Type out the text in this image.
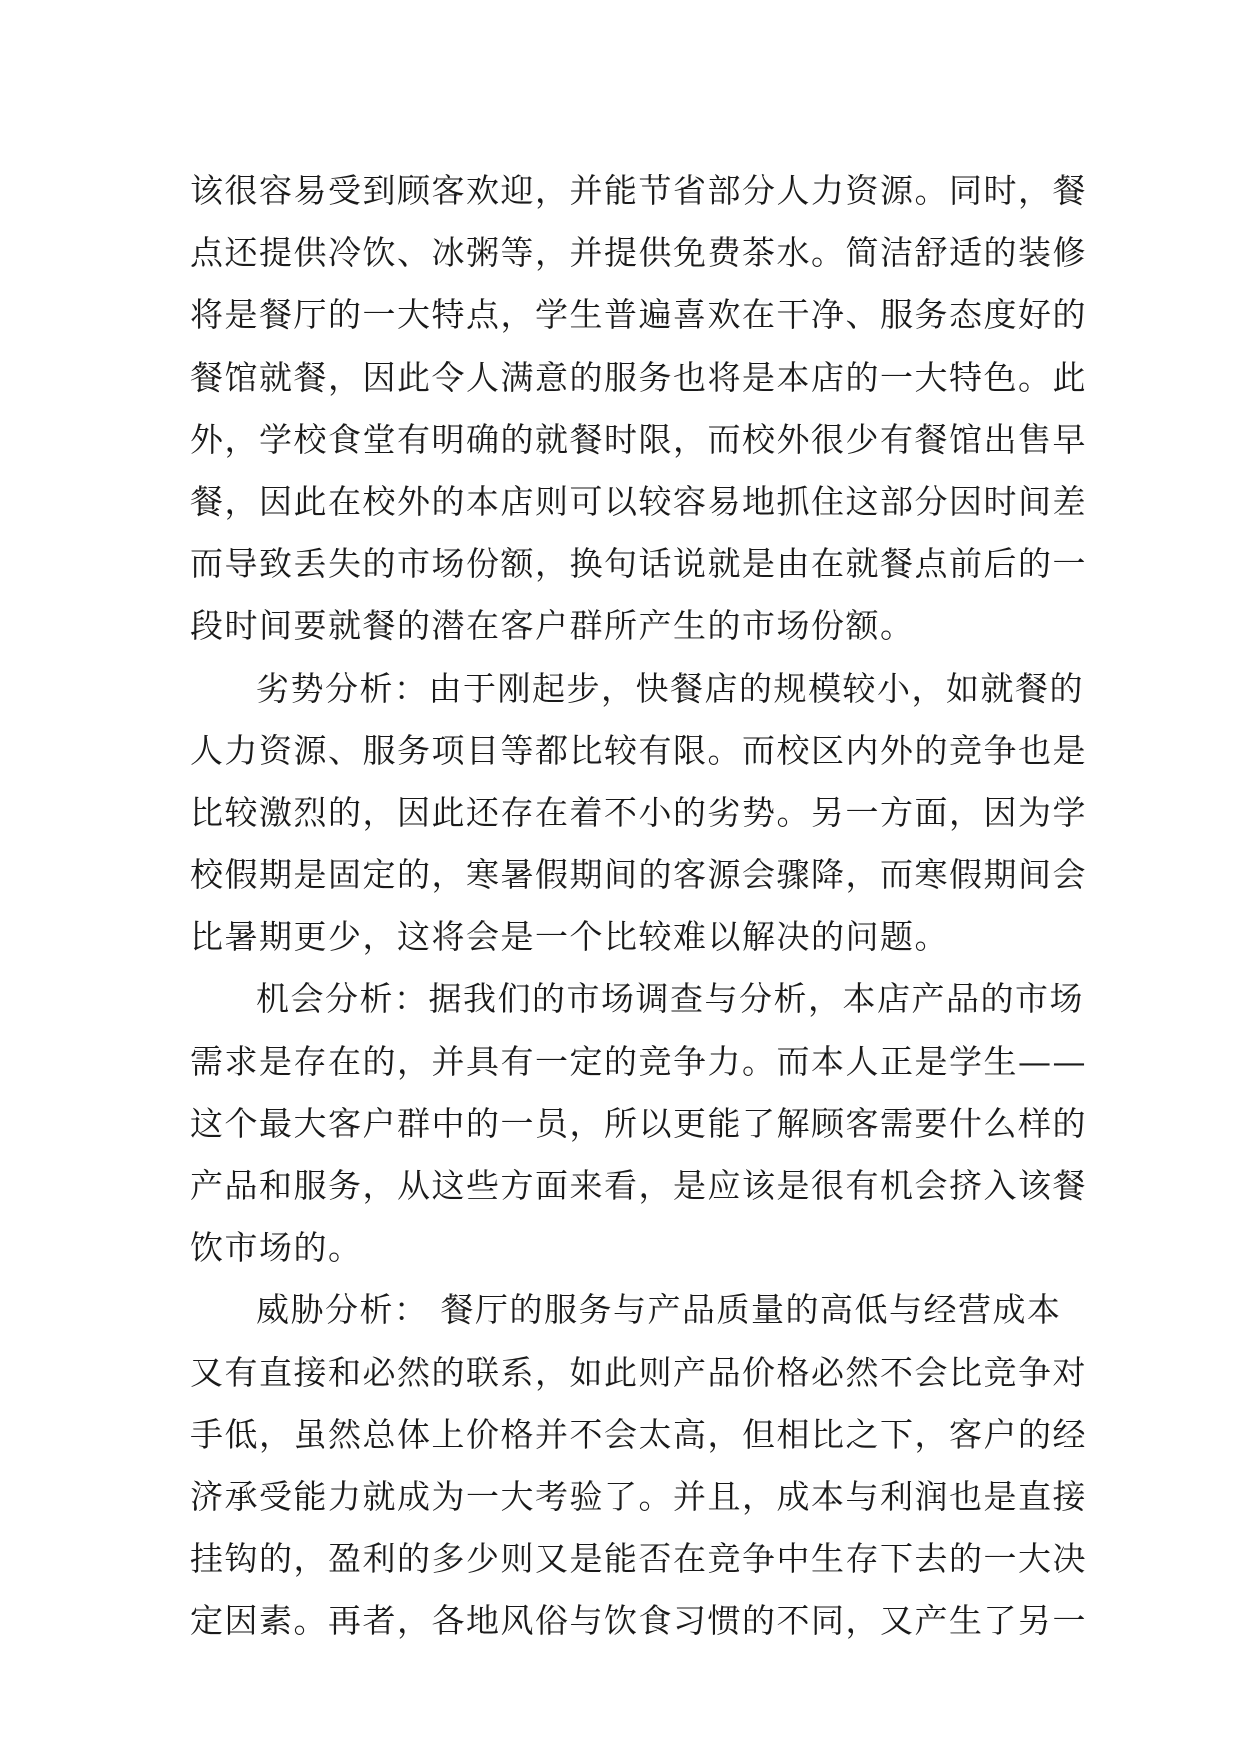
该很容易受到顾客欢迎，并能节省部分人力资源。同时，餐
点还提供冷饮、冰粥等，并提供免费茶水。简洁舒适的装修
将是餐厅的一大特点，学生普遍喜欢在干净、服务态度好的
餐馆就餐，因此令人满意的服务也将是本店的一大特色。此
外，学校食堂有明确的就餐时限，而校外很少有餐馆出售早
餐，因此在校外的本店则可以较容易地抓住这部分因时间差
而导致丢失的市场份额，换句话说就是由在就餐点前后的一
段时间要就餐的潜在客户群所产生的市场份额。
劣势分析：由于刚起步，快餐店的规模较小，如就餐的
人力资源、服务项目等都比较有限。而校区内外的竞争也是
比较激烈的，因此还存在着不小的劣势。另一方面，因为学
校假期是固定的，寒暑假期间的客源会骤降，而寒假期间会
比暑期更少，这将会是一个比较难以解决的问题。
机会分析：据我们的市场调查与分析，本店产品的市场
需求是存在的，并具有一定的竞争力。而本人正是学生——
这个最大客户群中的一员，所以更能了解顾客需要什么样的
产品和服务，从这些方面来看，是应该是很有机会挤入该餐
饮市场的。
威胁分析： 餐厅的服务与产品质量的高低与经营成本
又有直接和必然的联系，如此则产品价格必然不会比竞争对
手低，虽然总体上价格并不会太高，但相比之下，客户的经
济承受能力就成为一大考验了。并且，成本与利润也是直接
挂钩的，盈利的多少则又是能否在竞争中生存下去的一大决
定因素。再者，各地风俗与饮食习惯的不同，又产生了另一
